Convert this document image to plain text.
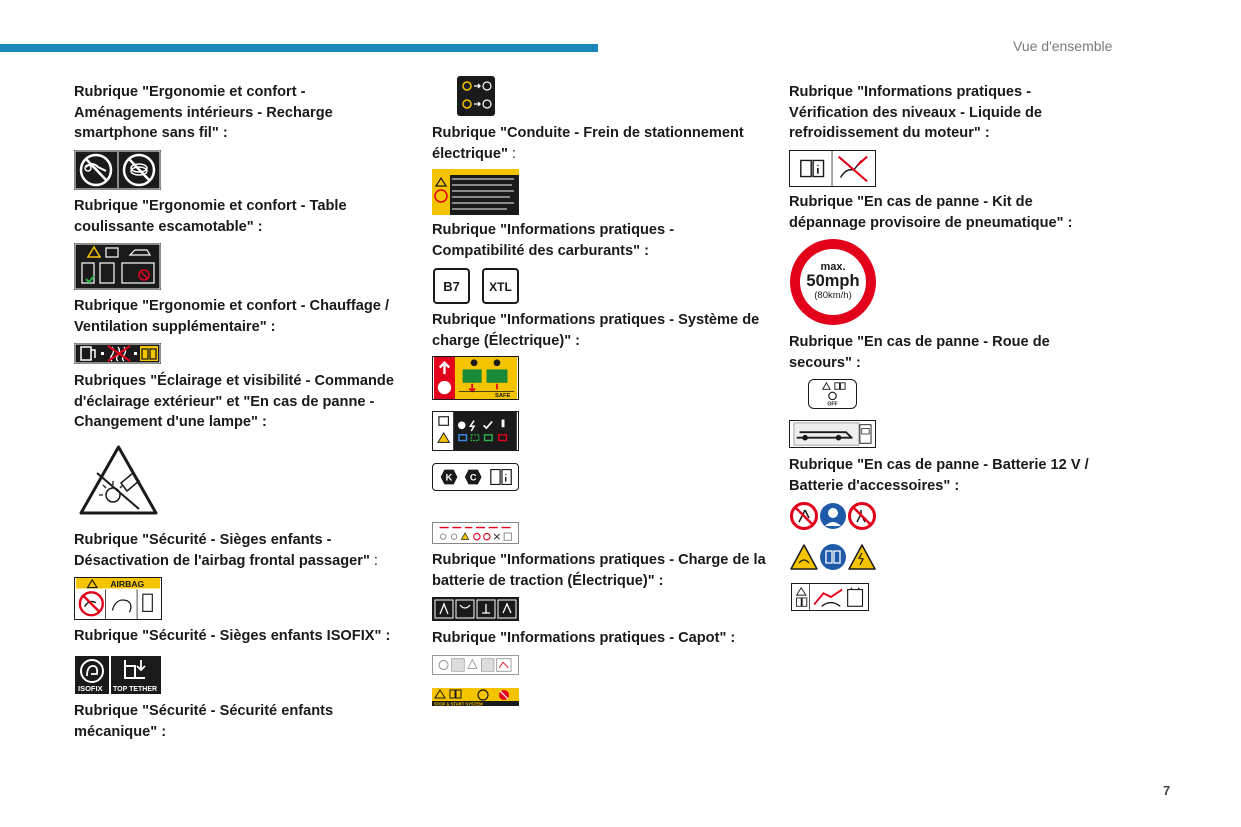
Vue d'ensemble
7

Rubrique "Ergonomie et confort - Aménagements intérieurs - Recharge smartphone sans fil" :

Rubrique "Ergonomie et confort - Table coulissante escamotable" :

Rubrique "Ergonomie et confort - Chauffage / Ventilation supplémentaire" :

Rubriques "Éclairage et visibilité - Commande d'éclairage extérieur" et "En cas de panne - Changement d'une lampe" :

Rubrique "Sécurité - Sièges enfants - Désactivation de l'airbag frontal passager" :

AIRBAG

Rubrique "Sécurité - Sièges enfants ISOFIX" :

ISOFIX TOP TETHER

Rubrique "Sécurité - Sécurité enfants mécanique" :

Rubrique "Conduite - Frein de stationnement électrique" :

Rubrique "Informations pratiques - Compatibilité des carburants" :

B7 XTL

Rubrique "Informations pratiques - Système de charge (Électrique)" :

SAFE
K C

Rubrique "Informations pratiques - Charge de la batterie de traction (Électrique)" :

Rubrique "Informations pratiques - Capot" :

STOP & START SYSTEM

Rubrique "Informations pratiques - Vérification des niveaux - Liquide de refroidissement du moteur" :

Rubrique "En cas de panne - Kit de dépannage provisoire de pneumatique" :

max.
50mph
(80km/h)

Rubrique "En cas de panne - Roue de secours" :

OFF

Rubrique "En cas de panne - Batterie 12 V / Batterie d'accessoires" :
